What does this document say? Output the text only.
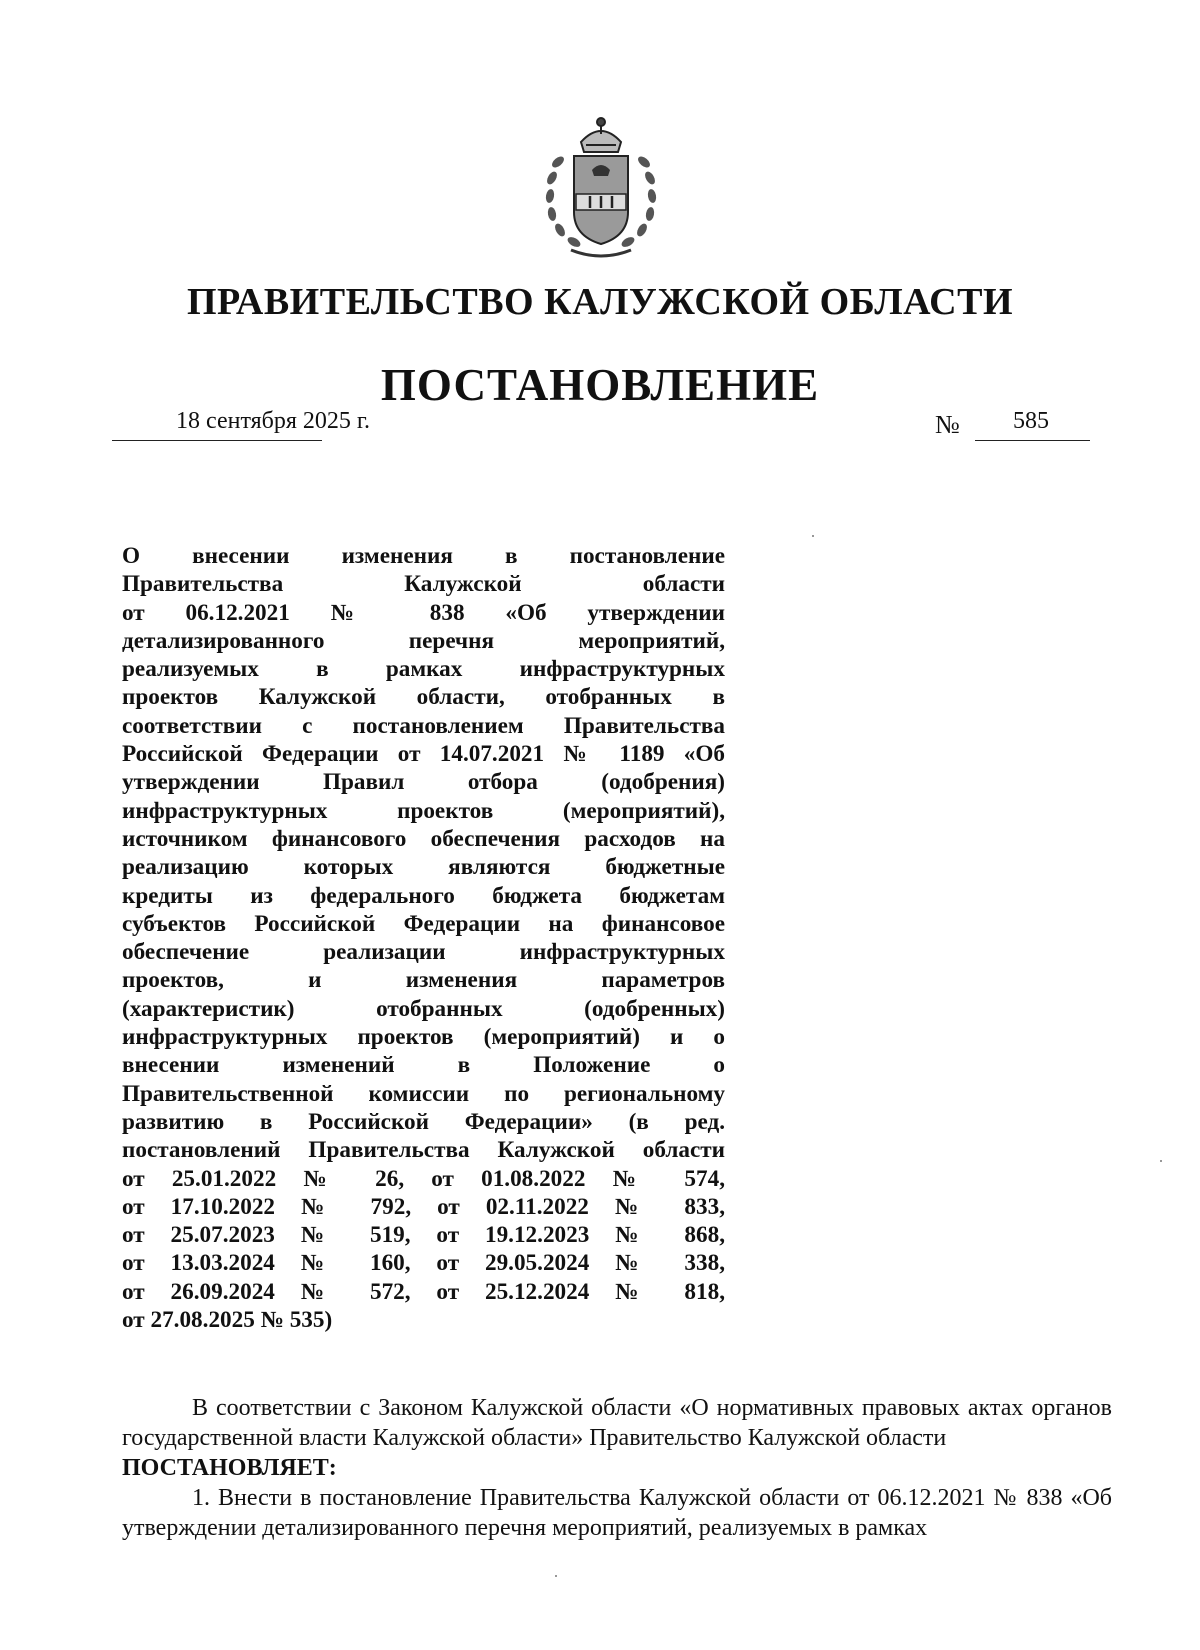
ПРАВИТЕЛЬСТВО КАЛУЖСКОЙ ОБЛАСТИ
ПОСТАНОВЛЕНИЕ
18 сентября 2025 г.	№ 585
О внесении изменения в постановление
Правительства Калужской области
от 06.12.2021 № 838 «Об утверждении
детализированного перечня мероприятий,
реализуемых в рамках инфраструктурных
проектов Калужской области, отобранных в
соответствии с постановлением Правительства
Российской Федерации от 14.07.2021 № 1189 «Об
утверждении Правил отбора (одобрения)
инфраструктурных проектов (мероприятий),
источником финансового обеспечения расходов на
реализацию которых являются бюджетные
кредиты из федерального бюджета бюджетам
субъектов Российской Федерации на финансовое
обеспечение реализации инфраструктурных
проектов, и изменения параметров
(характеристик) отобранных (одобренных)
инфраструктурных проектов (мероприятий) и о
внесении изменений в Положение о
Правительственной комиссии по региональному
развитию в Российской Федерации» (в ред.
постановлений Правительства Калужской области
от 25.01.2022 № 26, от 01.08.2022 № 574,
от 17.10.2022 № 792, от 02.11.2022 № 833,
от 25.07.2023 № 519, от 19.12.2023 № 868,
от 13.03.2024 № 160, от 29.05.2024 № 338,
от 26.09.2024 № 572, от 25.12.2024 № 818,
от 27.08.2025 № 535)

В соответствии с Законом Калужской области «О нормативных правовых актах органов государственной власти Калужской области» Правительство Калужской области

ПОСТАНОВЛЯЕТ:

1. Внести в постановление Правительства Калужской области от 06.12.2021 № 838 «Об утверждении детализированного перечня мероприятий, реализуемых в рамках
